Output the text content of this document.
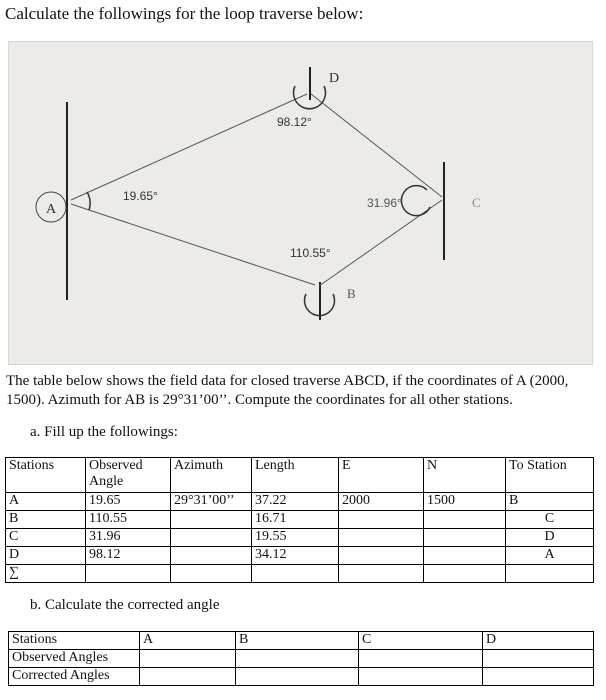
Calculate the followings for the loop traverse below:
A
D
C
B
19.65°
98.12°
31.96°
110.55°
The table below shows the field data for closed traverse ABCD, if the coordinates of A (2000, 1500). Azimuth for AB is 29°31’00’’. Compute the coordinates for all other stations.
a. Fill up the followings:
Stations	Observed Angle	Azimuth	Length	E	N	To Station
A	19.65	29°31’00’’	37.22	2000	1500	B
B	110.55		16.71			C
C	31.96		19.55			D
D	98.12		34.12			A
∑						
b. Calculate the corrected angle
Stations	A	B	C	D
Observed Angles				
Corrected Angles				
